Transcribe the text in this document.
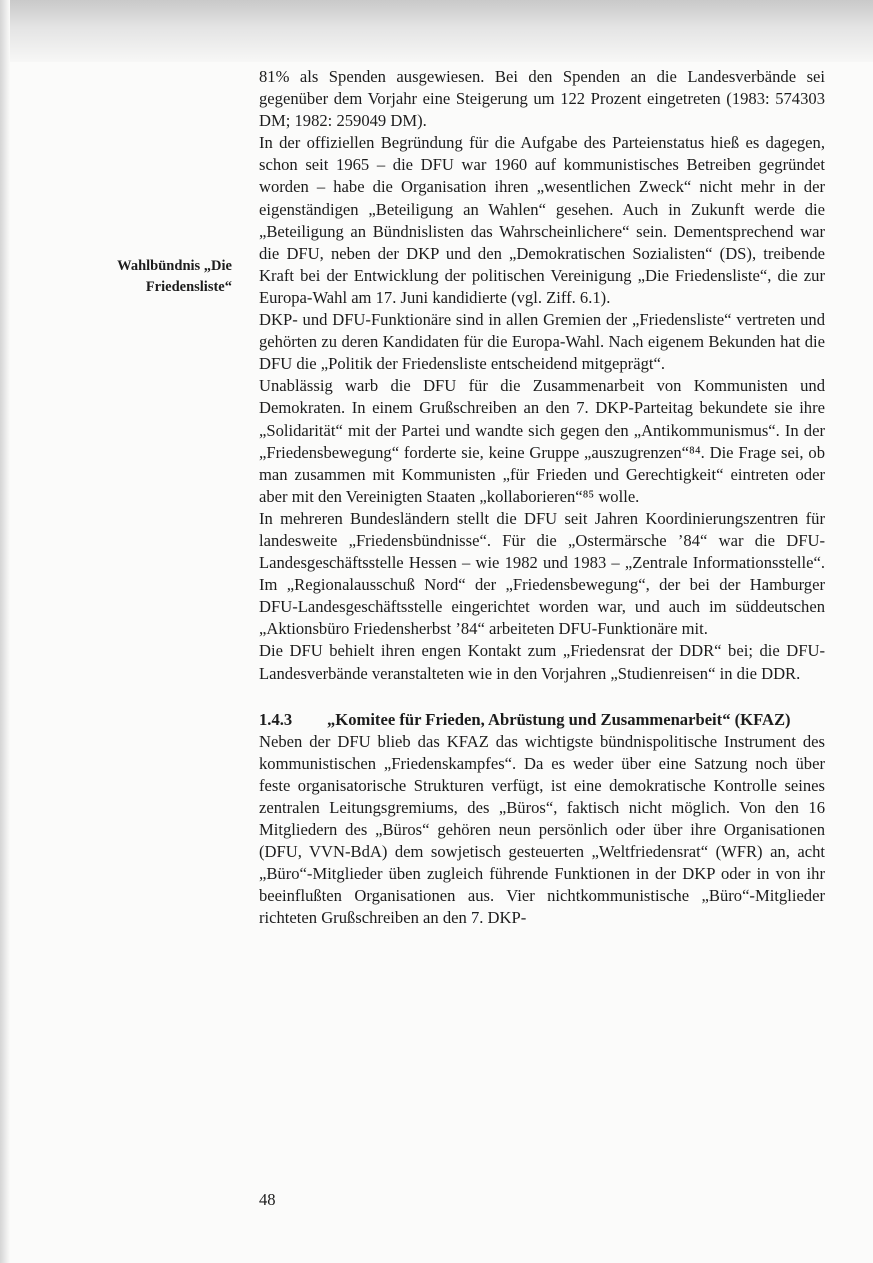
Wahlbündnis „Die Friedensliste“

81% als Spenden ausgewiesen. Bei den Spenden an die Landesverbände sei gegenüber dem Vorjahr eine Steigerung um 122 Prozent eingetreten (1983: 574303 DM; 1982: 259049 DM).

In der offiziellen Begründung für die Aufgabe des Parteienstatus hieß es dagegen, schon seit 1965 – die DFU war 1960 auf kommunistisches Betreiben gegründet worden – habe die Organisation ihren „wesentlichen Zweck“ nicht mehr in der eigenständigen „Beteiligung an Wahlen“ gesehen. Auch in Zukunft werde die „Beteiligung an Bündnislisten das Wahrscheinlichere“ sein. Dementsprechend war die DFU, neben der DKP und den „Demokratischen Sozialisten“ (DS), treibende Kraft bei der Entwicklung der politischen Vereinigung „Die Friedensliste“, die zur Europa-Wahl am 17. Juni kandidierte (vgl. Ziff. 6.1).

DKP- und DFU-Funktionäre sind in allen Gremien der „Friedensliste“ vertreten und gehörten zu deren Kandidaten für die Europa-Wahl. Nach eigenem Bekunden hat die DFU die „Politik der Friedensliste entscheidend mitgeprägt“.

Unablässig warb die DFU für die Zusammenarbeit von Kommunisten und Demokraten. In einem Grußschreiben an den 7. DKP-Parteitag bekundete sie ihre „Solidarität“ mit der Partei und wandte sich gegen den „Antikommunismus“. In der „Friedensbewegung“ forderte sie, keine Gruppe „auszugrenzen“⁸⁴. Die Frage sei, ob man zusammen mit Kommunisten „für Frieden und Gerechtigkeit“ eintreten oder aber mit den Vereinigten Staaten „kollaborieren“⁸⁵ wolle.

In mehreren Bundesländern stellt die DFU seit Jahren Koordinierungszentren für landesweite „Friedensbündnisse“. Für die „Ostermärsche ’84“ war die DFU-Landesgeschäftsstelle Hessen – wie 1982 und 1983 – „Zentrale Informationsstelle“. Im „Regionalausschuß Nord“ der „Friedensbewegung“, der bei der Hamburger DFU-Landesgeschäftsstelle eingerichtet worden war, und auch im süddeutschen „Aktionsbüro Friedensherbst ’84“ arbeiteten DFU-Funktionäre mit.

Die DFU behielt ihren engen Kontakt zum „Friedensrat der DDR“ bei; die DFU-Landesverbände veranstalteten wie in den Vorjahren „Studienreisen“ in die DDR.

1.4.3	„Komitee für Frieden, Abrüstung und Zusammenarbeit“ (KFAZ)

Neben der DFU blieb das KFAZ das wichtigste bündnispolitische Instrument des kommunistischen „Friedenskampfes“. Da es weder über eine Satzung noch über feste organisatorische Strukturen verfügt, ist eine demokratische Kontrolle seines zentralen Leitungsgremiums, des „Büros“, faktisch nicht möglich. Von den 16 Mitgliedern des „Büros“ gehören neun persönlich oder über ihre Organisationen (DFU, VVN-BdA) dem sowjetisch gesteuerten „Weltfriedensrat“ (WFR) an, acht „Büro“-Mitglieder üben zugleich führende Funktionen in der DKP oder in von ihr beeinflußten Organisationen aus. Vier nichtkommunistische „Büro“-Mitglieder richteten Grußschreiben an den 7. DKP-

48
